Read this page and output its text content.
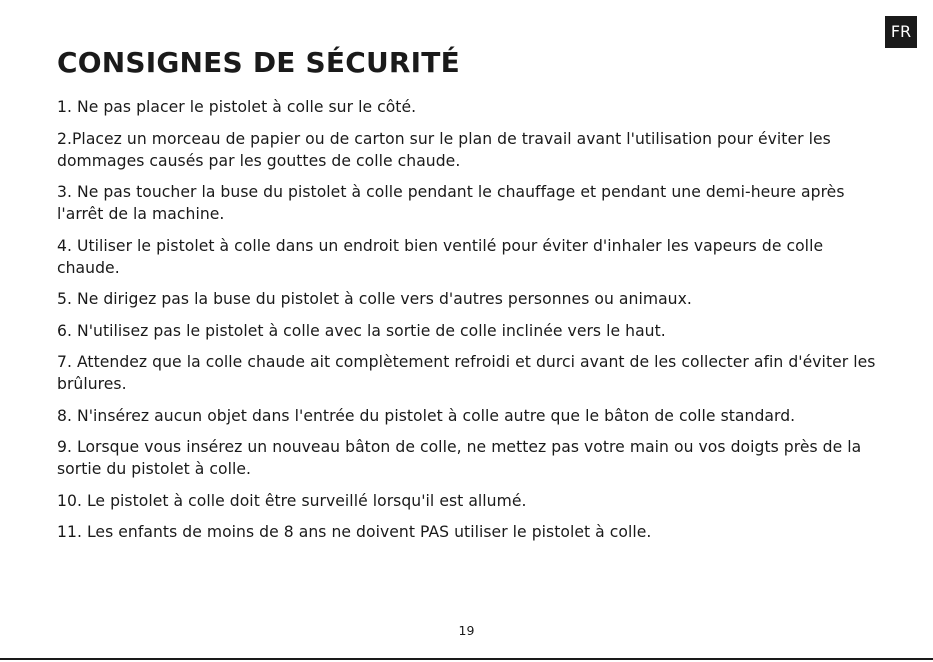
FR
CONSIGNES DE SÉCURITÉ
1. Ne pas placer le pistolet à colle sur le côté.
2.Placez un morceau de papier ou de carton sur le plan de travail avant l'utilisation pour éviter les dommages causés par les gouttes de colle chaude.
3. Ne pas toucher la buse du pistolet à colle pendant le chauffage et pendant une demi-heure après l'arrêt de la machine.
4. Utiliser le pistolet à colle dans un endroit bien ventilé pour éviter d'inhaler les vapeurs de colle chaude.
5. Ne dirigez pas la buse du pistolet à colle vers d'autres personnes ou animaux.
6. N'utilisez pas le pistolet à colle avec la sortie de colle inclinée vers le haut.
7. Attendez que la colle chaude ait complètement refroidi et durci avant de les collecter afin d'éviter les brûlures.
8. N'insérez aucun objet dans l'entrée du pistolet à colle autre que le bâton de colle standard.
9. Lorsque vous insérez un nouveau bâton de colle, ne mettez pas votre main ou vos doigts près de la sortie du pistolet à colle.
10. Le pistolet à colle doit être surveillé lorsqu'il est allumé.
11. Les enfants de moins de 8 ans ne doivent PAS utiliser le pistolet à colle.
19
